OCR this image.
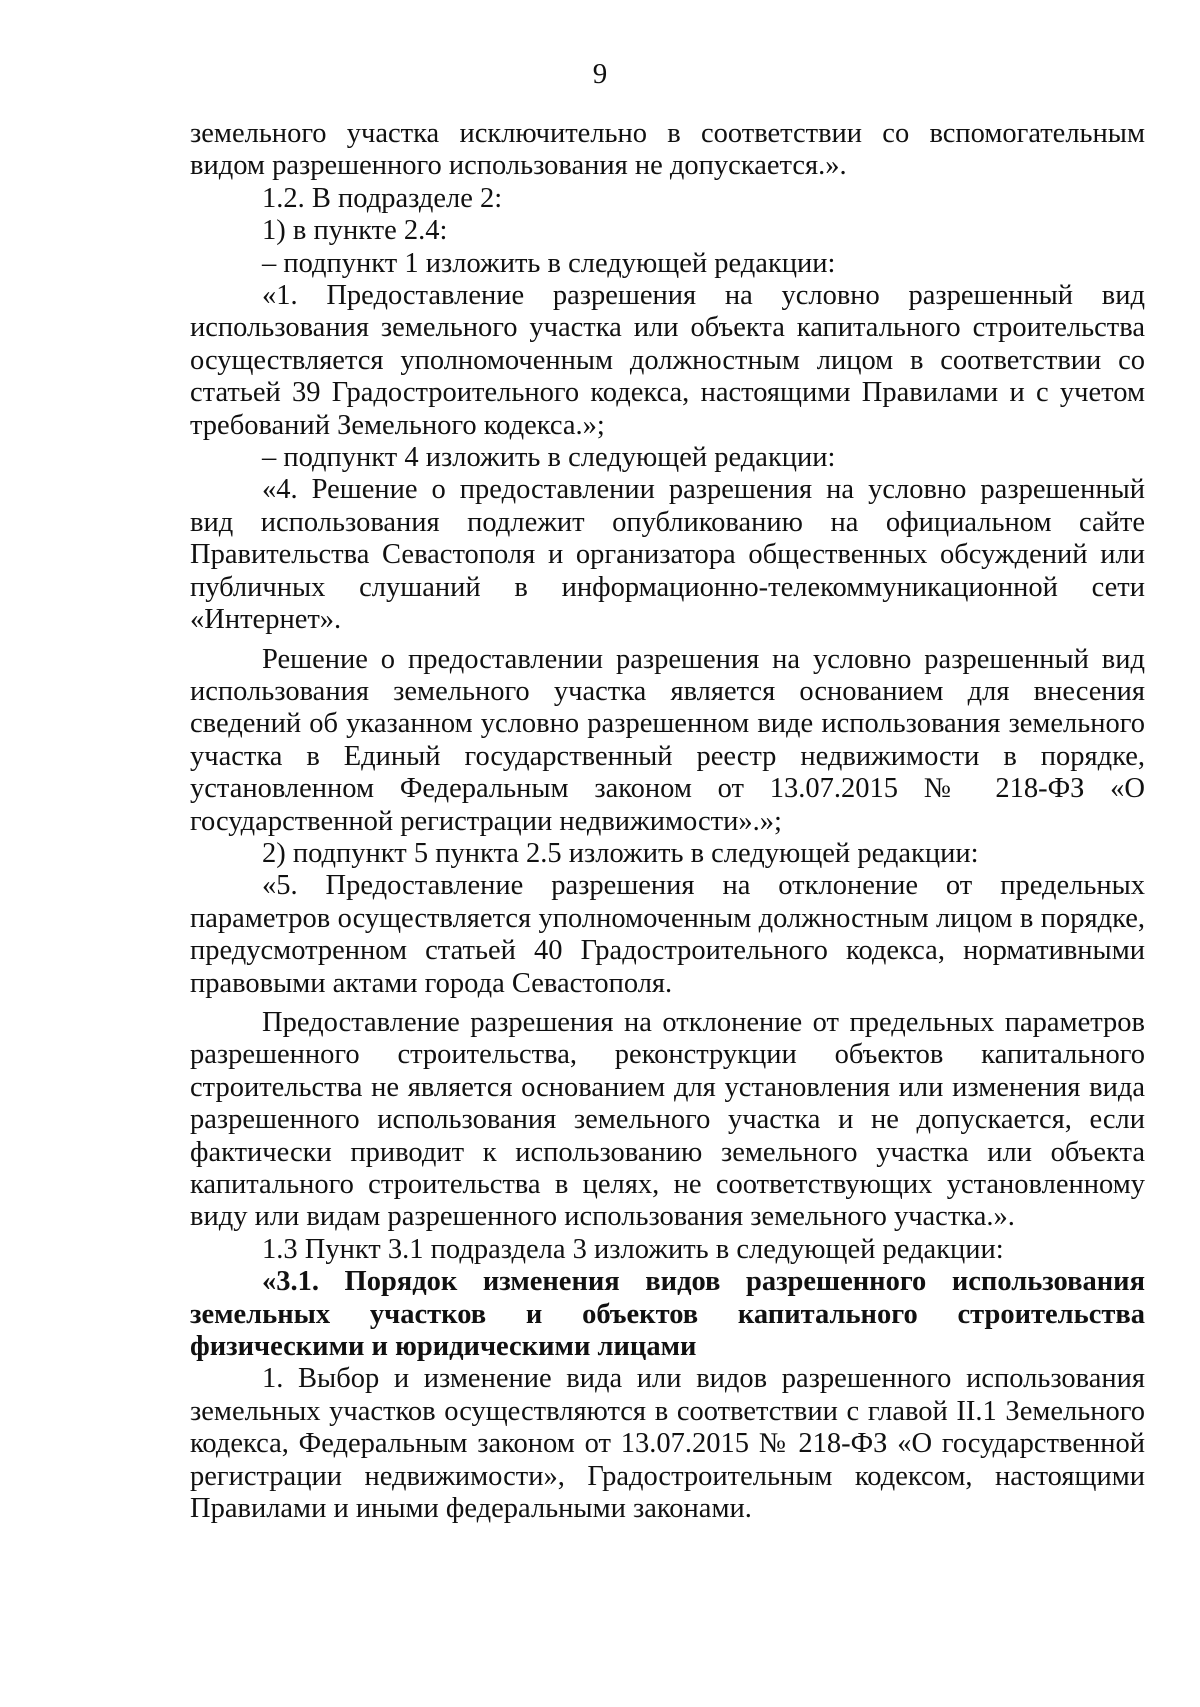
9

земельного участка исключительно в соответствии со вспомогательным видом разрешенного использования не допускается.».

1.2. В подразделе 2:

1) в пункте 2.4:

– подпункт 1 изложить в следующей редакции:

«1. Предоставление разрешения на условно разрешенный вид использования земельного участка или объекта капитального строительства осуществляется уполномоченным должностным лицом в соответствии со статьей 39 Градостроительного кодекса, настоящими Правилами и с учетом требований Земельного кодекса.»;

– подпункт 4 изложить в следующей редакции:

«4. Решение о предоставлении разрешения на условно разрешенный вид использования подлежит опубликованию на официальном сайте Правительства Севастополя и организатора общественных обсуждений или публичных слушаний в информационно-телекоммуникационной сети «Интернет».

Решение о предоставлении разрешения на условно разрешенный вид использования земельного участка является основанием для внесения сведений об указанном условно разрешенном виде использования земельного участка в Единый государственный реестр недвижимости в порядке, установленном Федеральным законом от 13.07.2015 № 218-ФЗ «О государственной регистрации недвижимости».»;

2) подпункт 5 пункта 2.5 изложить в следующей редакции:

«5. Предоставление разрешения на отклонение от предельных параметров осуществляется уполномоченным должностным лицом в порядке, предусмотренном статьей 40 Градостроительного кодекса, нормативными правовыми актами города Севастополя.

Предоставление разрешения на отклонение от предельных параметров разрешенного строительства, реконструкции объектов капитального строительства не является основанием для установления или изменения вида разрешенного использования земельного участка и не допускается, если фактически приводит к использованию земельного участка или объекта капитального строительства в целях, не соответствующих установленному виду или видам разрешенного использования земельного участка.».

1.3 Пункт 3.1 подраздела 3 изложить в следующей редакции:

«3.1. Порядок изменения видов разрешенного использования земельных участков и объектов капитального строительства физическими и юридическими лицами

1. Выбор и изменение вида или видов разрешенного использования земельных участков осуществляются в соответствии с главой II.1 Земельного кодекса, Федеральным законом от 13.07.2015 № 218-ФЗ «О государственной регистрации недвижимости», Градостроительным кодексом, настоящими Правилами и иными федеральными законами.
